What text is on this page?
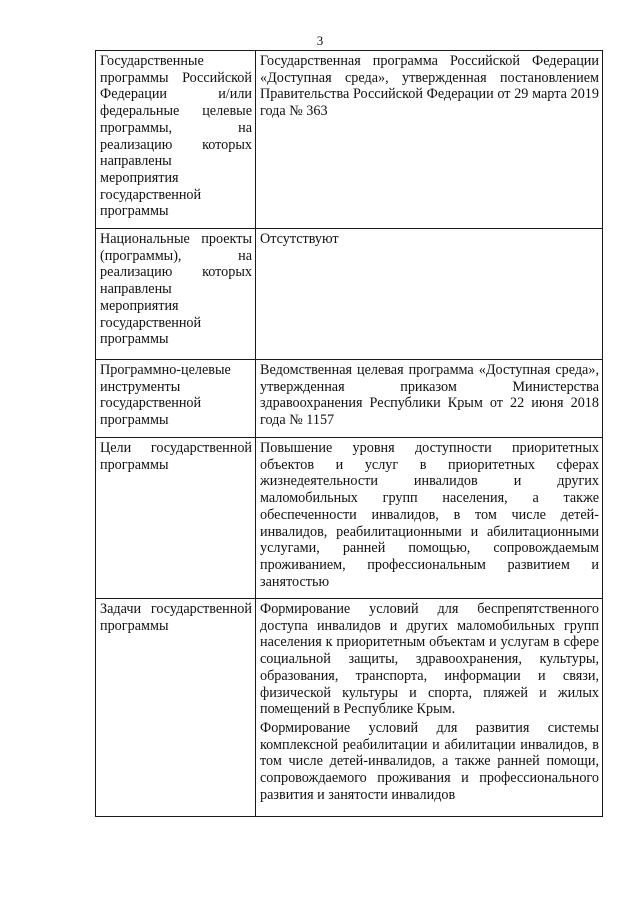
3
Государственные программы Российской Федерации и/или федеральные целевые программы, на реализацию которых направлены мероприятия государственной программы	Государственная программа Российской Федерации «Доступная среда», утвержденная постановлением Правительства Российской Федерации от 29 марта 2019 года № 363
Национальные проекты (программы), на реализацию которых направлены мероприятия государственной программы	Отсутствуют
Программно-целевые инструменты государственной программы	Ведомственная целевая программа «Доступная среда», утвержденная приказом Министерства здравоохранения Республики Крым от 22 июня 2018 года № 1157
Цели государственной программы	Повышение уровня доступности приоритетных объектов и услуг в приоритетных сферах жизнедеятельности инвалидов и других маломобильных групп населения, а также обеспеченности инвалидов, в том числе детей-инвалидов, реабилитационными и абилитационными услугами, ранней помощью, сопровождаемым проживанием, профессиональным развитием и занятостью
Задачи государственной программы	Формирование условий для беспрепятственного доступа инвалидов и других маломобильных групп населения к приоритетным объектам и услугам в сфере социальной защиты, здравоохранения, культуры, образования, транспорта, информации и связи, физической культуры и спорта, пляжей и жилых помещений в Республике Крым.
Формирование условий для развития системы комплексной реабилитации и абилитации инвалидов, в том числе детей-инвалидов, а также ранней помощи, сопровождаемого проживания и профессионального развития и занятости инвалидов
